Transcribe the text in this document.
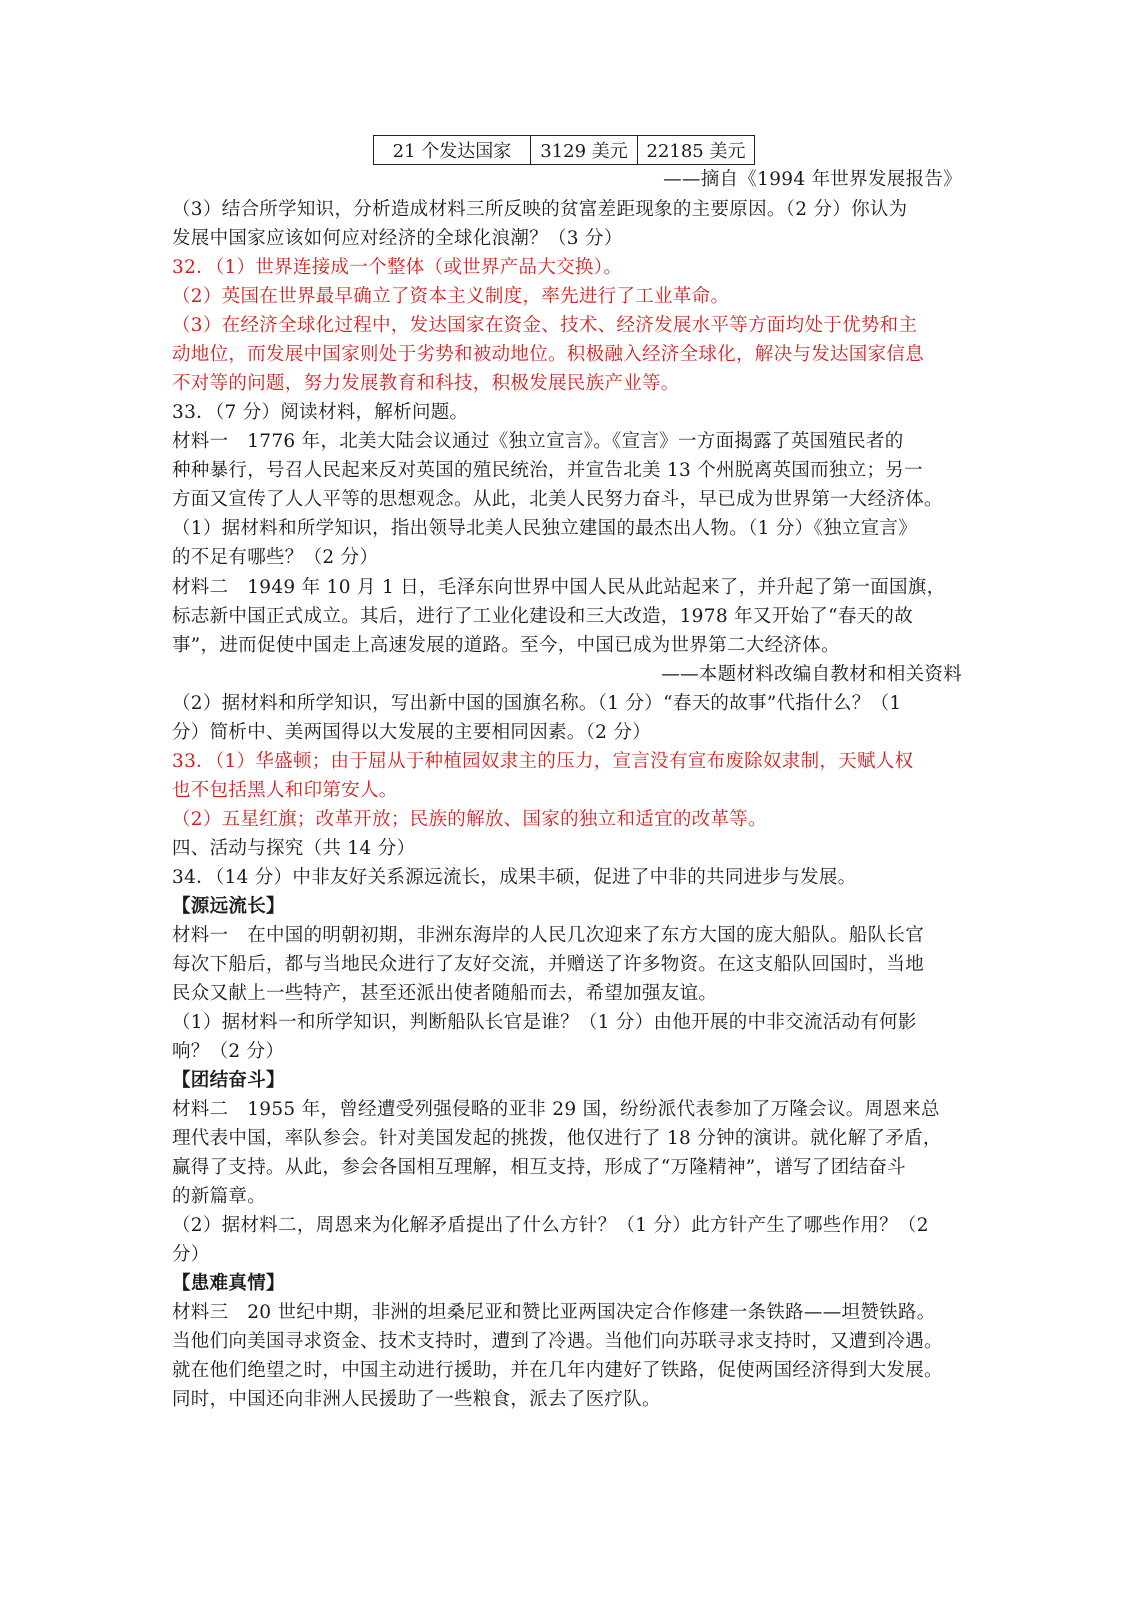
21 个发达国家	3129 美元	22185 美元
——摘自《1994 年世界发展报告》
（3）结合所学知识，分析造成材料三所反映的贫富差距现象的主要原因。（2 分）你认为
发展中国家应该如何应对经济的全球化浪潮？（3 分）
32．（1）世界连接成一个整体（或世界产品大交换）。
（2）英国在世界最早确立了资本主义制度，率先进行了工业革命。
（3）在经济全球化过程中，发达国家在资金、技术、经济发展水平等方面均处于优势和主
动地位，而发展中国家则处于劣势和被动地位。积极融入经济全球化，解决与发达国家信息
不对等的问题，努力发展教育和科技，积极发展民族产业等。
33．（7 分）阅读材料，解析问题。
材料一　1776 年，北美大陆会议通过《独立宣言》。《宣言》一方面揭露了英国殖民者的
种种暴行，号召人民起来反对英国的殖民统治，并宣告北美 13 个州脱离英国而独立；另一
方面又宣传了人人平等的思想观念。从此，北美人民努力奋斗，早已成为世界第一大经济体。
（1）据材料和所学知识，指出领导北美人民独立建国的最杰出人物。（1 分）《独立宣言》
的不足有哪些？（2 分）
材料二　1949 年 10 月 1 日，毛泽东向世界中国人民从此站起来了，并升起了第一面国旗，
标志新中国正式成立。其后，进行了工业化建设和三大改造，1978 年又开始了“春天的故
事”，进而促使中国走上高速发展的道路。至今，中国已成为世界第二大经济体。
——本题材料改编自教材和相关资料
（2）据材料和所学知识，写出新中国的国旗名称。（1 分）“春天的故事”代指什么？（1
分）简析中、美两国得以大发展的主要相同因素。（2 分）
33．（1）华盛顿；由于屈从于种植园奴隶主的压力，宣言没有宣布废除奴隶制，天赋人权
也不包括黑人和印第安人。
（2）五星红旗；改革开放；民族的解放、国家的独立和适宜的改革等。
四、活动与探究（共 14 分）
34．（14 分）中非友好关系源远流长，成果丰硕，促进了中非的共同进步与发展。
【源远流长】
材料一　在中国的明朝初期，非洲东海岸的人民几次迎来了东方大国的庞大船队。船队长官
每次下船后，都与当地民众进行了友好交流，并赠送了许多物资。在这支船队回国时，当地
民众又献上一些特产，甚至还派出使者随船而去，希望加强友谊。
（1）据材料一和所学知识，判断船队长官是谁？（1 分）由他开展的中非交流活动有何影
响？（2 分）
【团结奋斗】
材料二　1955 年，曾经遭受列强侵略的亚非 29 国，纷纷派代表参加了万隆会议。周恩来总
理代表中国，率队参会。针对美国发起的挑拨，他仅进行了 18 分钟的演讲。就化解了矛盾，
赢得了支持。从此，参会各国相互理解，相互支持，形成了“万隆精神”，谱写了团结奋斗
的新篇章。
（2）据材料二，周恩来为化解矛盾提出了什么方针？（1 分）此方针产生了哪些作用？（2
分）
【患难真情】
材料三　20 世纪中期，非洲的坦桑尼亚和赞比亚两国决定合作修建一条铁路——坦赞铁路。
当他们向美国寻求资金、技术支持时，遭到了冷遇。当他们向苏联寻求支持时，又遭到冷遇。
就在他们绝望之时，中国主动进行援助，并在几年内建好了铁路，促使两国经济得到大发展。
同时，中国还向非洲人民援助了一些粮食，派去了医疗队。
